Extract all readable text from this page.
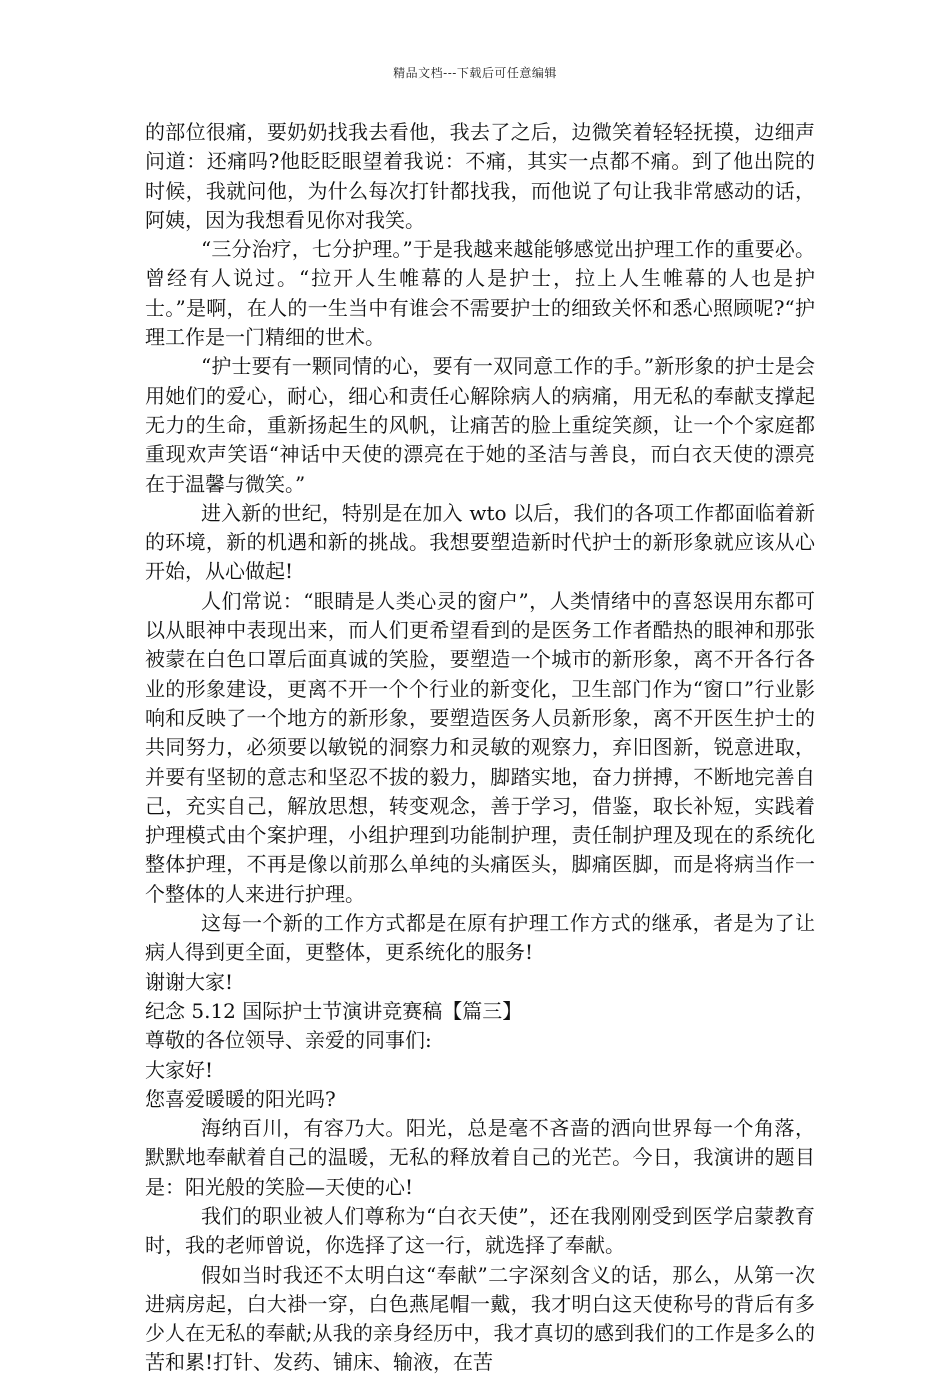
精品文档---下载后可任意编辑

的部位很痛，要奶奶找我去看他，我去了之后，边微笑着轻轻抚摸，边细声问道：还痛吗?他眨眨眼望着我说：不痛，其实一点都不痛。到了他出院的时候，我就问他，为什么每次打针都找我，而他说了句让我非常感动的话，阿姨，因为我想看见你对我笑。

“三分治疗，七分护理。”于是我越来越能够感觉出护理工作的重要必。曾经有人说过。“拉开人生帷幕的人是护士，拉上人生帷幕的人也是护士。”是啊，在人的一生当中有谁会不需要护士的细致关怀和悉心照顾呢?“护理工作是一门精细的世术。

“护士要有一颗同情的心，要有一双同意工作的手。”新形象的护士是会用她们的爱心，耐心，细心和责任心解除病人的病痛，用无私的奉献支撑起无力的生命，重新扬起生的风帆，让痛苦的脸上重绽笑颜，让一个个家庭都重现欢声笑语“神话中天使的漂亮在于她的圣洁与善良，而白衣天使的漂亮在于温馨与微笑。”

进入新的世纪，特别是在加入 wto 以后，我们的各项工作都面临着新的环境，新的机遇和新的挑战。我想要塑造新时代护士的新形象就应该从心开始，从心做起!

人们常说：“眼睛是人类心灵的窗户”，人类情绪中的喜怒误用东都可以从眼神中表现出来，而人们更希望看到的是医务工作者酷热的眼神和那张被蒙在白色口罩后面真诚的笑脸，要塑造一个城市的新形象，离不开各行各业的形象建设，更离不开一个个行业的新变化，卫生部门作为“窗口”行业影响和反映了一个地方的新形象，要塑造医务人员新形象，离不开医生护士的共同努力，必须要以敏锐的洞察力和灵敏的观察力，弃旧图新，锐意进取，并要有坚韧的意志和坚忍不拔的毅力，脚踏实地，奋力拼搏，不断地完善自己，充实自己，解放思想，转变观念，善于学习，借鉴，取长补短，实践着护理模式由个案护理，小组护理到功能制护理，责任制护理及现在的系统化整体护理，不再是像以前那么单纯的头痛医头，脚痛医脚，而是将病当作一个整体的人来进行护理。

这每一个新的工作方式都是在原有护理工作方式的继承，者是为了让病人得到更全面，更整体，更系统化的服务!

谢谢大家!

纪念 5.12 国际护士节演讲竞赛稿【篇三】

尊敬的各位领导、亲爱的同事们:

大家好!

您喜爱暖暖的阳光吗?

海纳百川，有容乃大。阳光，总是毫不吝啬的洒向世界每一个角落，默默地奉献着自己的温暖，无私的释放着自己的光芒。今日，我演讲的题目是：阳光般的笑脸—天使的心!

我们的职业被人们尊称为“白衣天使”，还在我刚刚受到医学启蒙教育时，我的老师曾说，你选择了这一行，就选择了奉献。

假如当时我还不太明白这“奉献”二字深刻含义的话，那么，从第一次进病房起，白大褂一穿，白色燕尾帽一戴，我才明白这天使称号的背后有多少人在无私的奉献;从我的亲身经历中，我才真切的感到我们的工作是多么的苦和累!打针、发药、铺床、输液，在苦
